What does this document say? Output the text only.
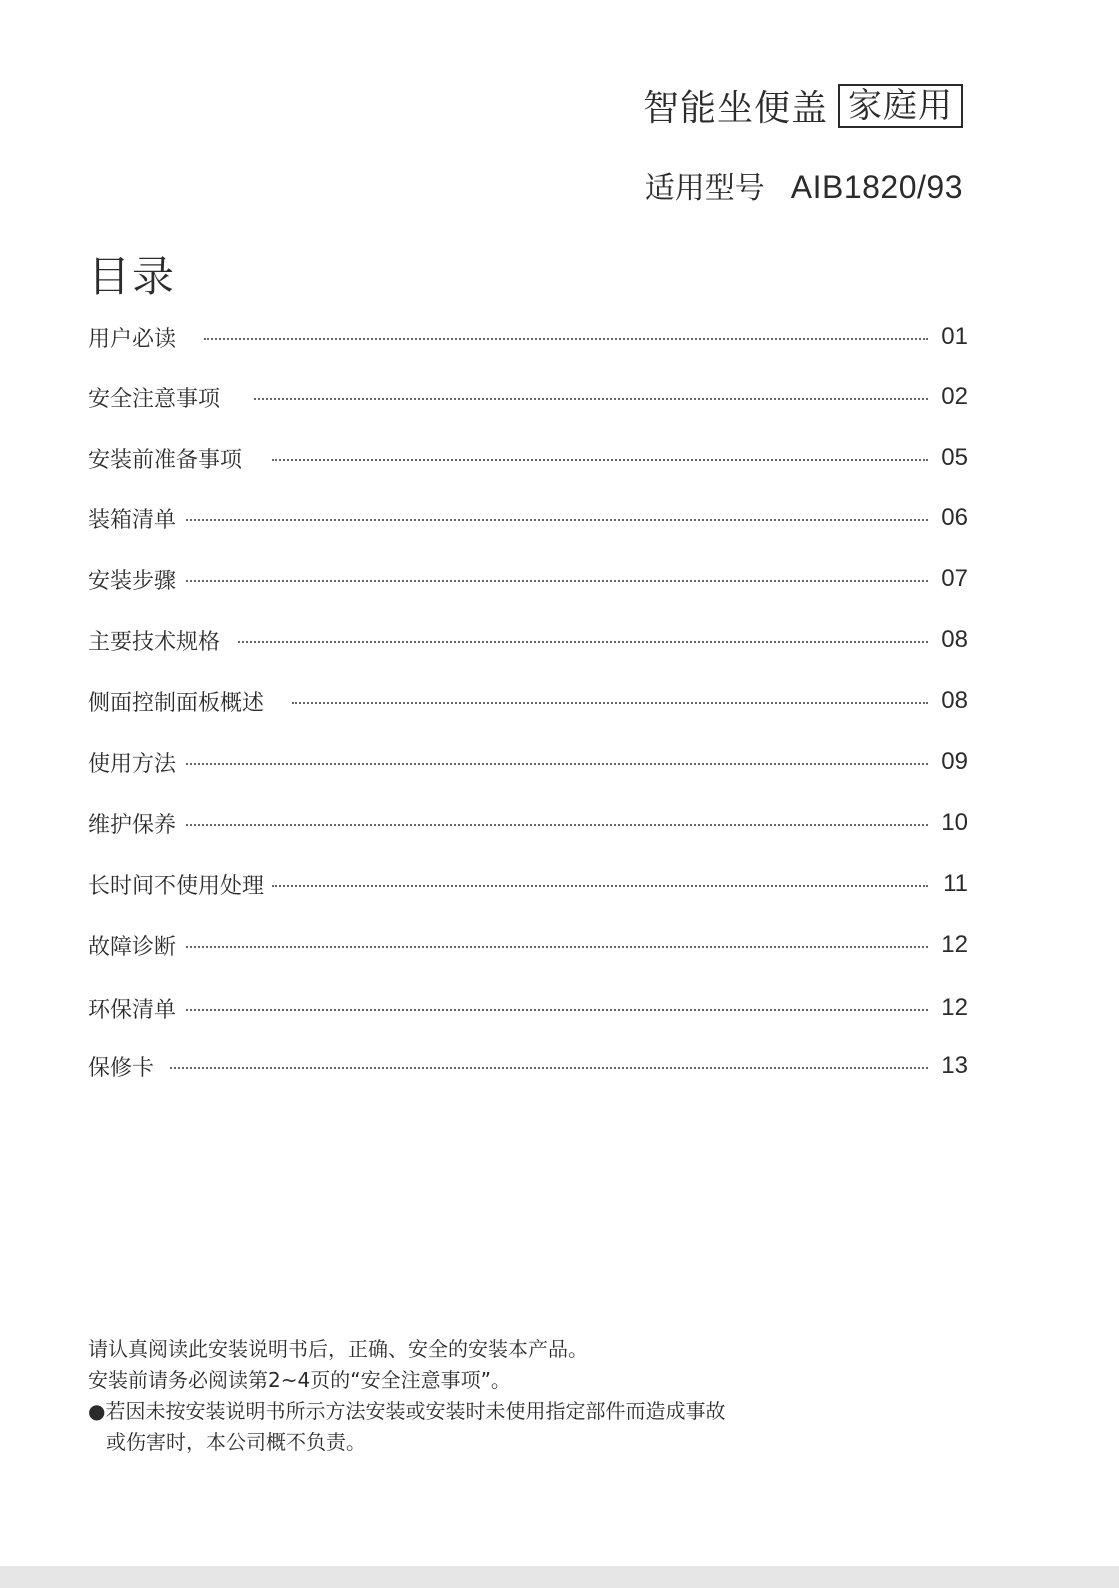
智能坐便盖 家庭用
适用型号 AIB1820/93
目录
用户必读	01
安全注意事项	02
安装前准备事项	05
装箱清单	06
安装步骤	07
主要技术规格	08
侧面控制面板概述	08
使用方法	09
维护保养	10
长时间不使用处理	11
故障诊断	12
环保清单	12
保修卡	13
请认真阅读此安装说明书后，正确、安全的安装本产品。
安装前请务必阅读第2~4页的“安全注意事项”。
●若因未按安装说明书所示方法安装或安装时未使用指定部件而造成事故
或伤害时，本公司概不负责。
